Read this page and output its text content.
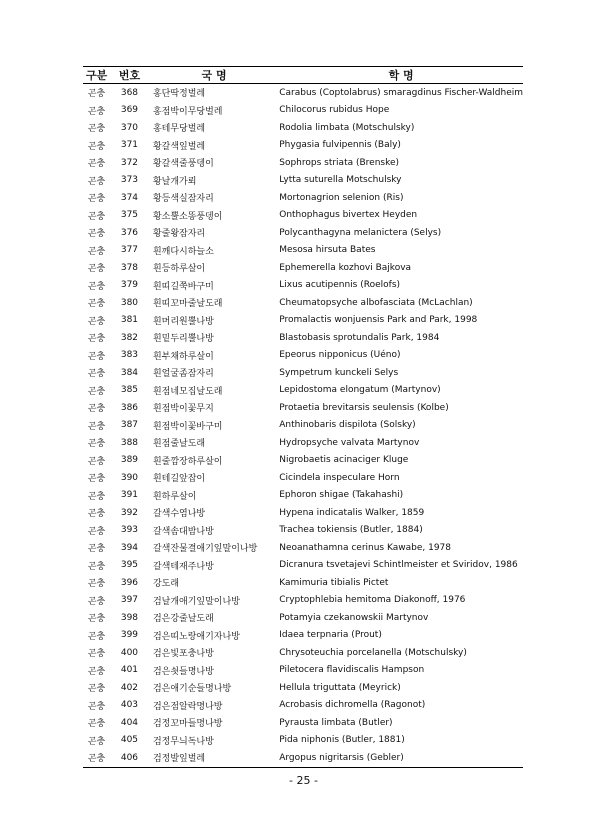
구분	번호	국 명	학 명
곤충	368	홍단딱정벌레	Carabus (Coptolabrus) smaragdinus Fischer-Waldheim
곤충	369	홍점박이무당벌레	Chilocorus rubidus Hope
곤충	370	홍테무당벌레	Rodolia limbata (Motschulsky)
곤충	371	황갈색잎벌레	Phygasia fulvipennis (Baly)
곤충	372	황갈색줄풍뎅이	Sophrops striata (Brenske)
곤충	373	황날개가뢰	Lytta suturella Motschulsky
곤충	374	황등색실잠자리	Mortonagrion selenion (Ris)
곤충	375	황소뿔소똥풍뎅이	Onthophagus bivertex Heyden
곤충	376	황줄왕잠자리	Polycanthagyna melanictera (Selys)
곤충	377	흰깨다시하늘소	Mesosa hirsuta Bates
곤충	378	흰등하루살이	Ephemerella kozhovi Bajkova
곤충	379	흰띠길쭉바구미	Lixus acutipennis (Roelofs)
곤충	380	흰띠꼬마줄날도래	Cheumatopsyche albofasciata (McLachlan)
곤충	381	흰머리원뿔나방	Promalactis wonjuensis Park and Park, 1998
곤충	382	흰밑두리뿔나방	Blastobasis sprotundalis Park, 1984
곤충	383	흰부채하루살이	Epeorus nipponicus (Uéno)
곤충	384	흰얼굴좀잠자리	Sympetrum kunckeli Selys
곤충	385	흰점네모집날도래	Lepidostoma elongatum (Martynov)
곤충	386	흰점박이꽃무지	Protaetia brevitarsis seulensis (Kolbe)
곤충	387	흰점박이꽃바구미	Anthinobaris dispilota (Solsky)
곤충	388	흰점줄날도래	Hydropsyche valvata Martynov
곤충	389	흰줄깜장하루살이	Nigrobaetis acinaciger Kluge
곤충	390	흰테길앞잡이	Cicindela inspeculare Horn
곤충	391	흰하루살이	Ephoron shigae (Takahashi)
곤충	392	갈색수염나방	Hypena indicatalis Walker, 1859
곤충	393	갈색솜대밤나방	Trachea tokiensis (Butler, 1884)
곤충	394	갈색잔물결애기잎말이나방	Neoanathamna cerinus Kawabe, 1978
곤충	395	갈색테재주나방	Dicranura tsvetajevi Schintlmeister et Sviridov, 1986
곤충	396	강도래	Kamimuria tibialis Pictet
곤충	397	검날개애기잎말이나방	Cryptophlebia hemitoma Diakonoff, 1976
곤충	398	검은강줄날도래	Potamyia czekanowskii Martynov
곤충	399	검은띠노랑애기자나방	Idaea terpnaria (Prout)
곤충	400	검은빛포충나방	Chrysoteuchia porcelanella (Motschulsky)
곤충	401	검은쇳들명나방	Piletocera flavidiscalis Hampson
곤충	402	검은애기순들명나방	Hellula triguttata (Meyrick)
곤충	403	검은점알락명나방	Acrobasis dichromella (Ragonot)
곤충	404	검정꼬마들명나방	Pyrausta limbata (Butler)
곤충	405	검정무늬독나방	Pida niphonis (Butler, 1881)
곤충	406	검정발잎벌레	Argopus nigritarsis (Gebler)
- 25 -
